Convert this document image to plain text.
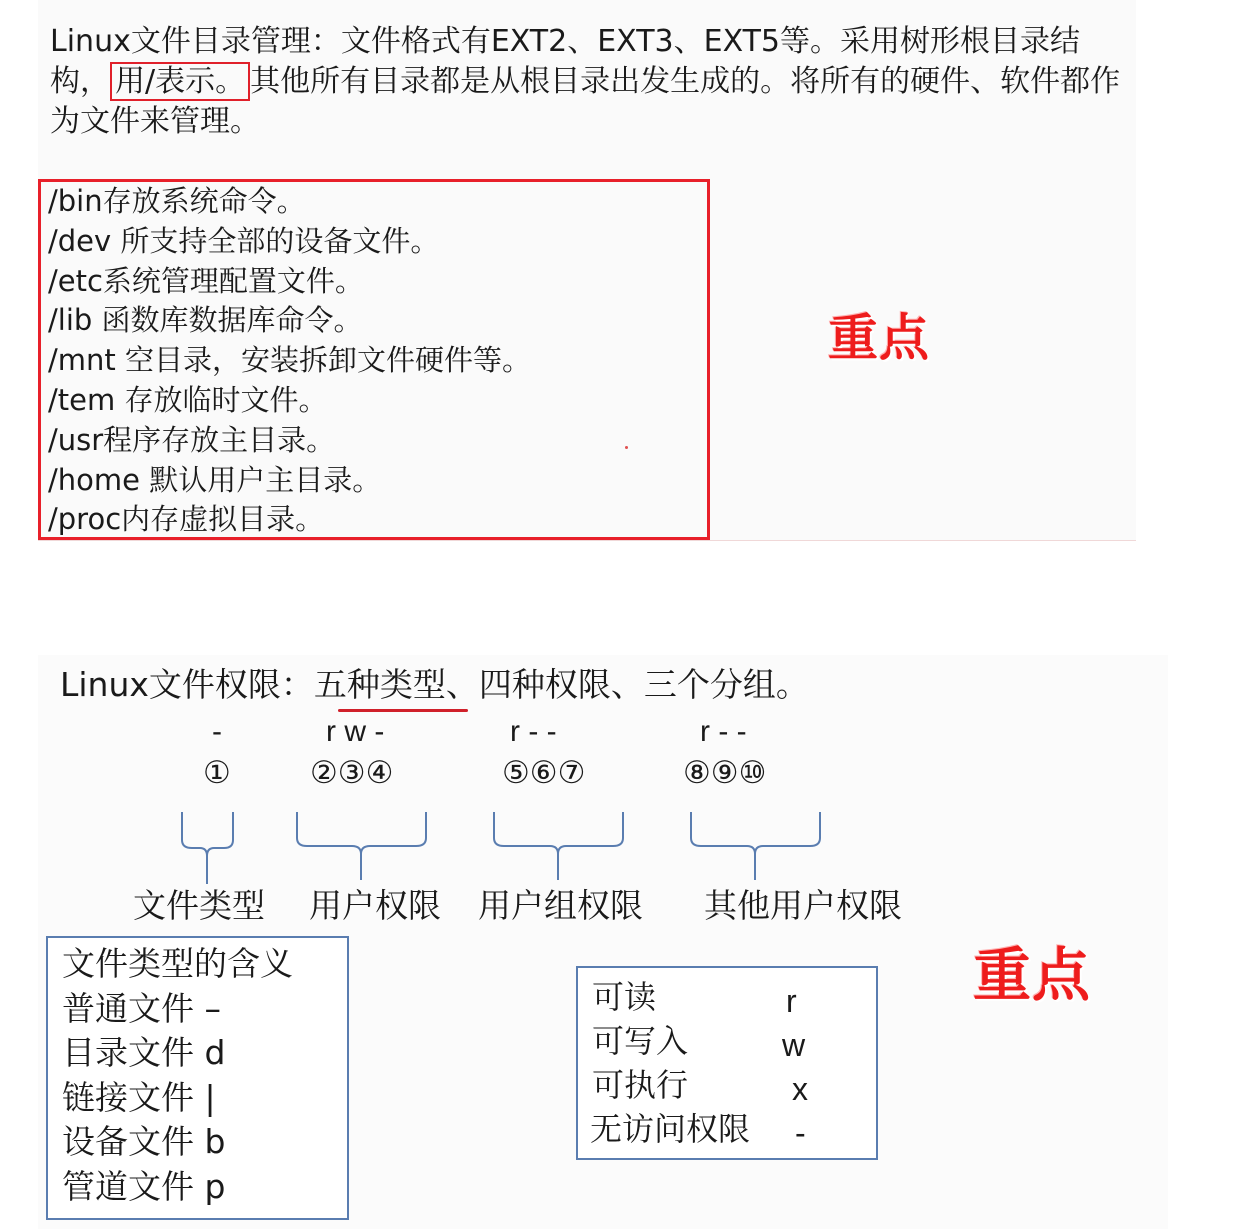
Linux文件目录管理：文件格式有EXT2、EXT3、EXT5等。采用树形根目录结构， 用/表示。 其他所有目录都是从根目录出发生成的。将所有的硬件、软件都作为文件来管理。
/bin存放系统命令。
/dev 所支持全部的设备文件。
/etc系统管理配置文件。
/lib 函数库数据库命令。
/mnt 空目录，安装拆卸文件硬件等。
/tem 存放临时文件。
/usr程序存放主目录。
/home 默认用户主目录。
/proc内存虚拟目录。
重点
Linux文件权限：五种类型、四种权限、三个分组。
-	r w -	r - -	r - -
①	②③④	⑤⑥⑦	⑧⑨⑩
文件类型 用户权限 用户组权限 其他用户权限
文件类型的含义
普通文件 –
目录文件 d
链接文件 |
设备文件 b
管道文件 p
可读	r
可写入	w
可执行	x
无访问权限 -
重点
